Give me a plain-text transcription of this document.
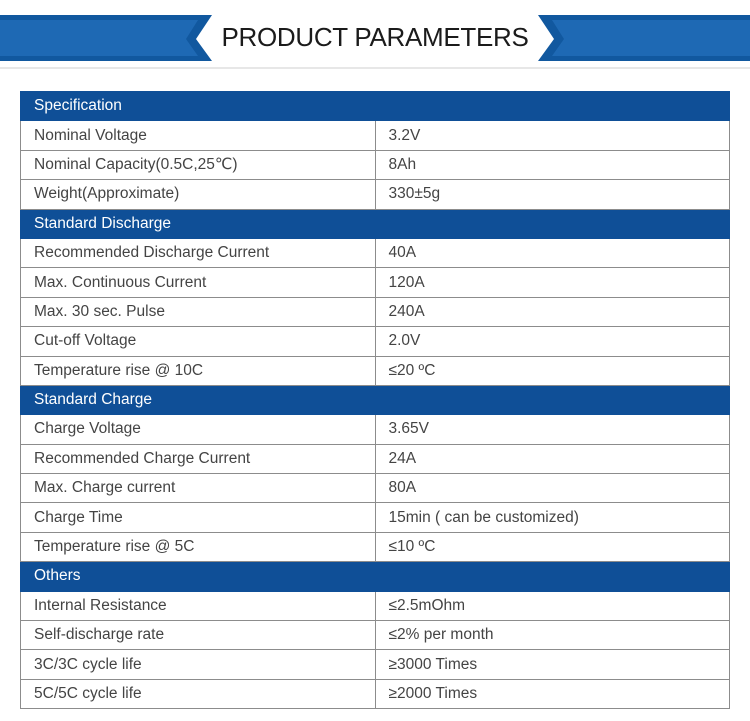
PRODUCT PARAMETERS
Specification	
Nominal Voltage	3.2V
Nominal Capacity(0.5C,25℃)	8Ah
Weight(Approximate)	330±5g
Standard Discharge	
Recommended Discharge Current	40A
Max. Continuous Current	120A
Max. 30 sec. Pulse	240A
Cut-off Voltage	2.0V
Temperature rise @ 10C	≤20 ºC
Standard Charge	
Charge Voltage	3.65V
Recommended Charge Current	24A
Max. Charge current	80A
Charge Time	15min ( can be customized)
Temperature rise @ 5C	≤10 ºC
Others	
Internal Resistance	≤2.5mOhm
Self-discharge rate	≤2% per month
3C/3C cycle life	≥3000 Times
5C/5C cycle life	≥2000 Times
